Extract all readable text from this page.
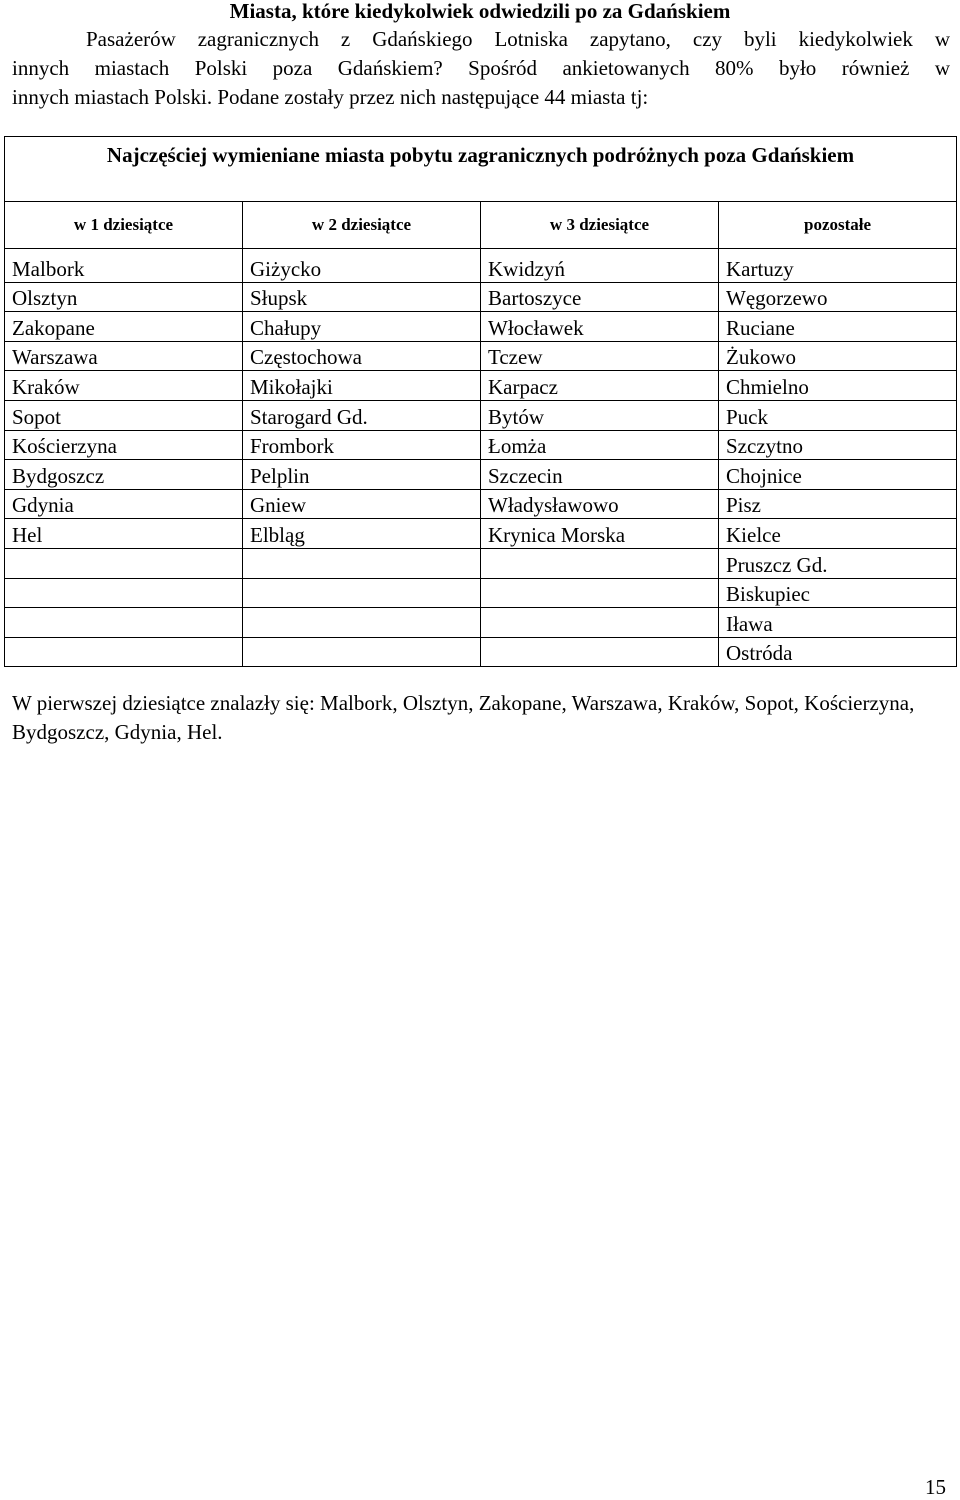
Miasta, które kiedykolwiek odwiedzili po za Gdańskiem
Pasażerów zagranicznych z Gdańskiego Lotniska zapytano, czy byli kiedykolwiek w
innych miastach Polski poza Gdańskiem? Spośród ankietowanych 80% było również w
innych miastach Polski. Podane zostały przez nich następujące 44 miasta tj:
Najczęściej wymieniane miasta pobytu zagranicznych podróżnych poza Gdańskiem			
w 1 dziesiątce	w 2 dziesiątce	w 3 dziesiątce	pozostałe
Malbork	Giżycko	Kwidzyń	Kartuzy
Olsztyn	Słupsk	Bartoszyce	Węgorzewo
Zakopane	Chałupy	Włocławek	Ruciane
Warszawa	Częstochowa	Tczew	Żukowo
Kraków	Mikołajki	Karpacz	Chmielno
Sopot	Starogard Gd.	Bytów	Puck
Kościerzyna	Frombork	Łomża	Szczytno
Bydgoszcz	Pelplin	Szczecin	Chojnice
Gdynia	Gniew	Władysławowo	Pisz
Hel	Elbląg	Krynica Morska	Kielce
			Pruszcz Gd.
			Biskupiec
			Iława
			Ostróda

W pierwszej dziesiątce znalazły się: Malbork, Olsztyn, Zakopane, Warszawa, Kraków, Sopot, Kościerzyna, Bydgoszcz, Gdynia, Hel.

15
